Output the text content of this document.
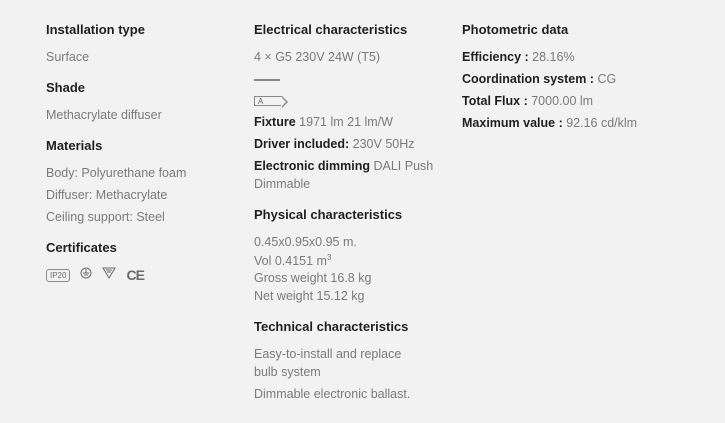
Installation type
Surface
Shade
Methacrylate diffuser
Materials
Body: Polyurethane foam
Diffuser: Methacrylate
Ceiling support: Steel
Certificates
IP20	CE
Electrical characteristics
4 × G5 230V 24W (T5)
A
Fixture 1971 lm 21 lm/W
Driver included: 230V 50Hz
Electronic dimming DALI Push
Dimmable
Physical characteristics
0.45x0.95x0.95 m.
Vol 0.4151 $m^3$
Gross weight 16.8 kg
Net weight 15.12 kg
Technical characteristics
Easy-to-install and replace
bulb system
Dimmable electronic ballast.
Photometric data
Efficiency : 28.16%
Coordination system : CG
Total Flux : 7000.00 lm
Maximum value : 92.16 cd/klm
